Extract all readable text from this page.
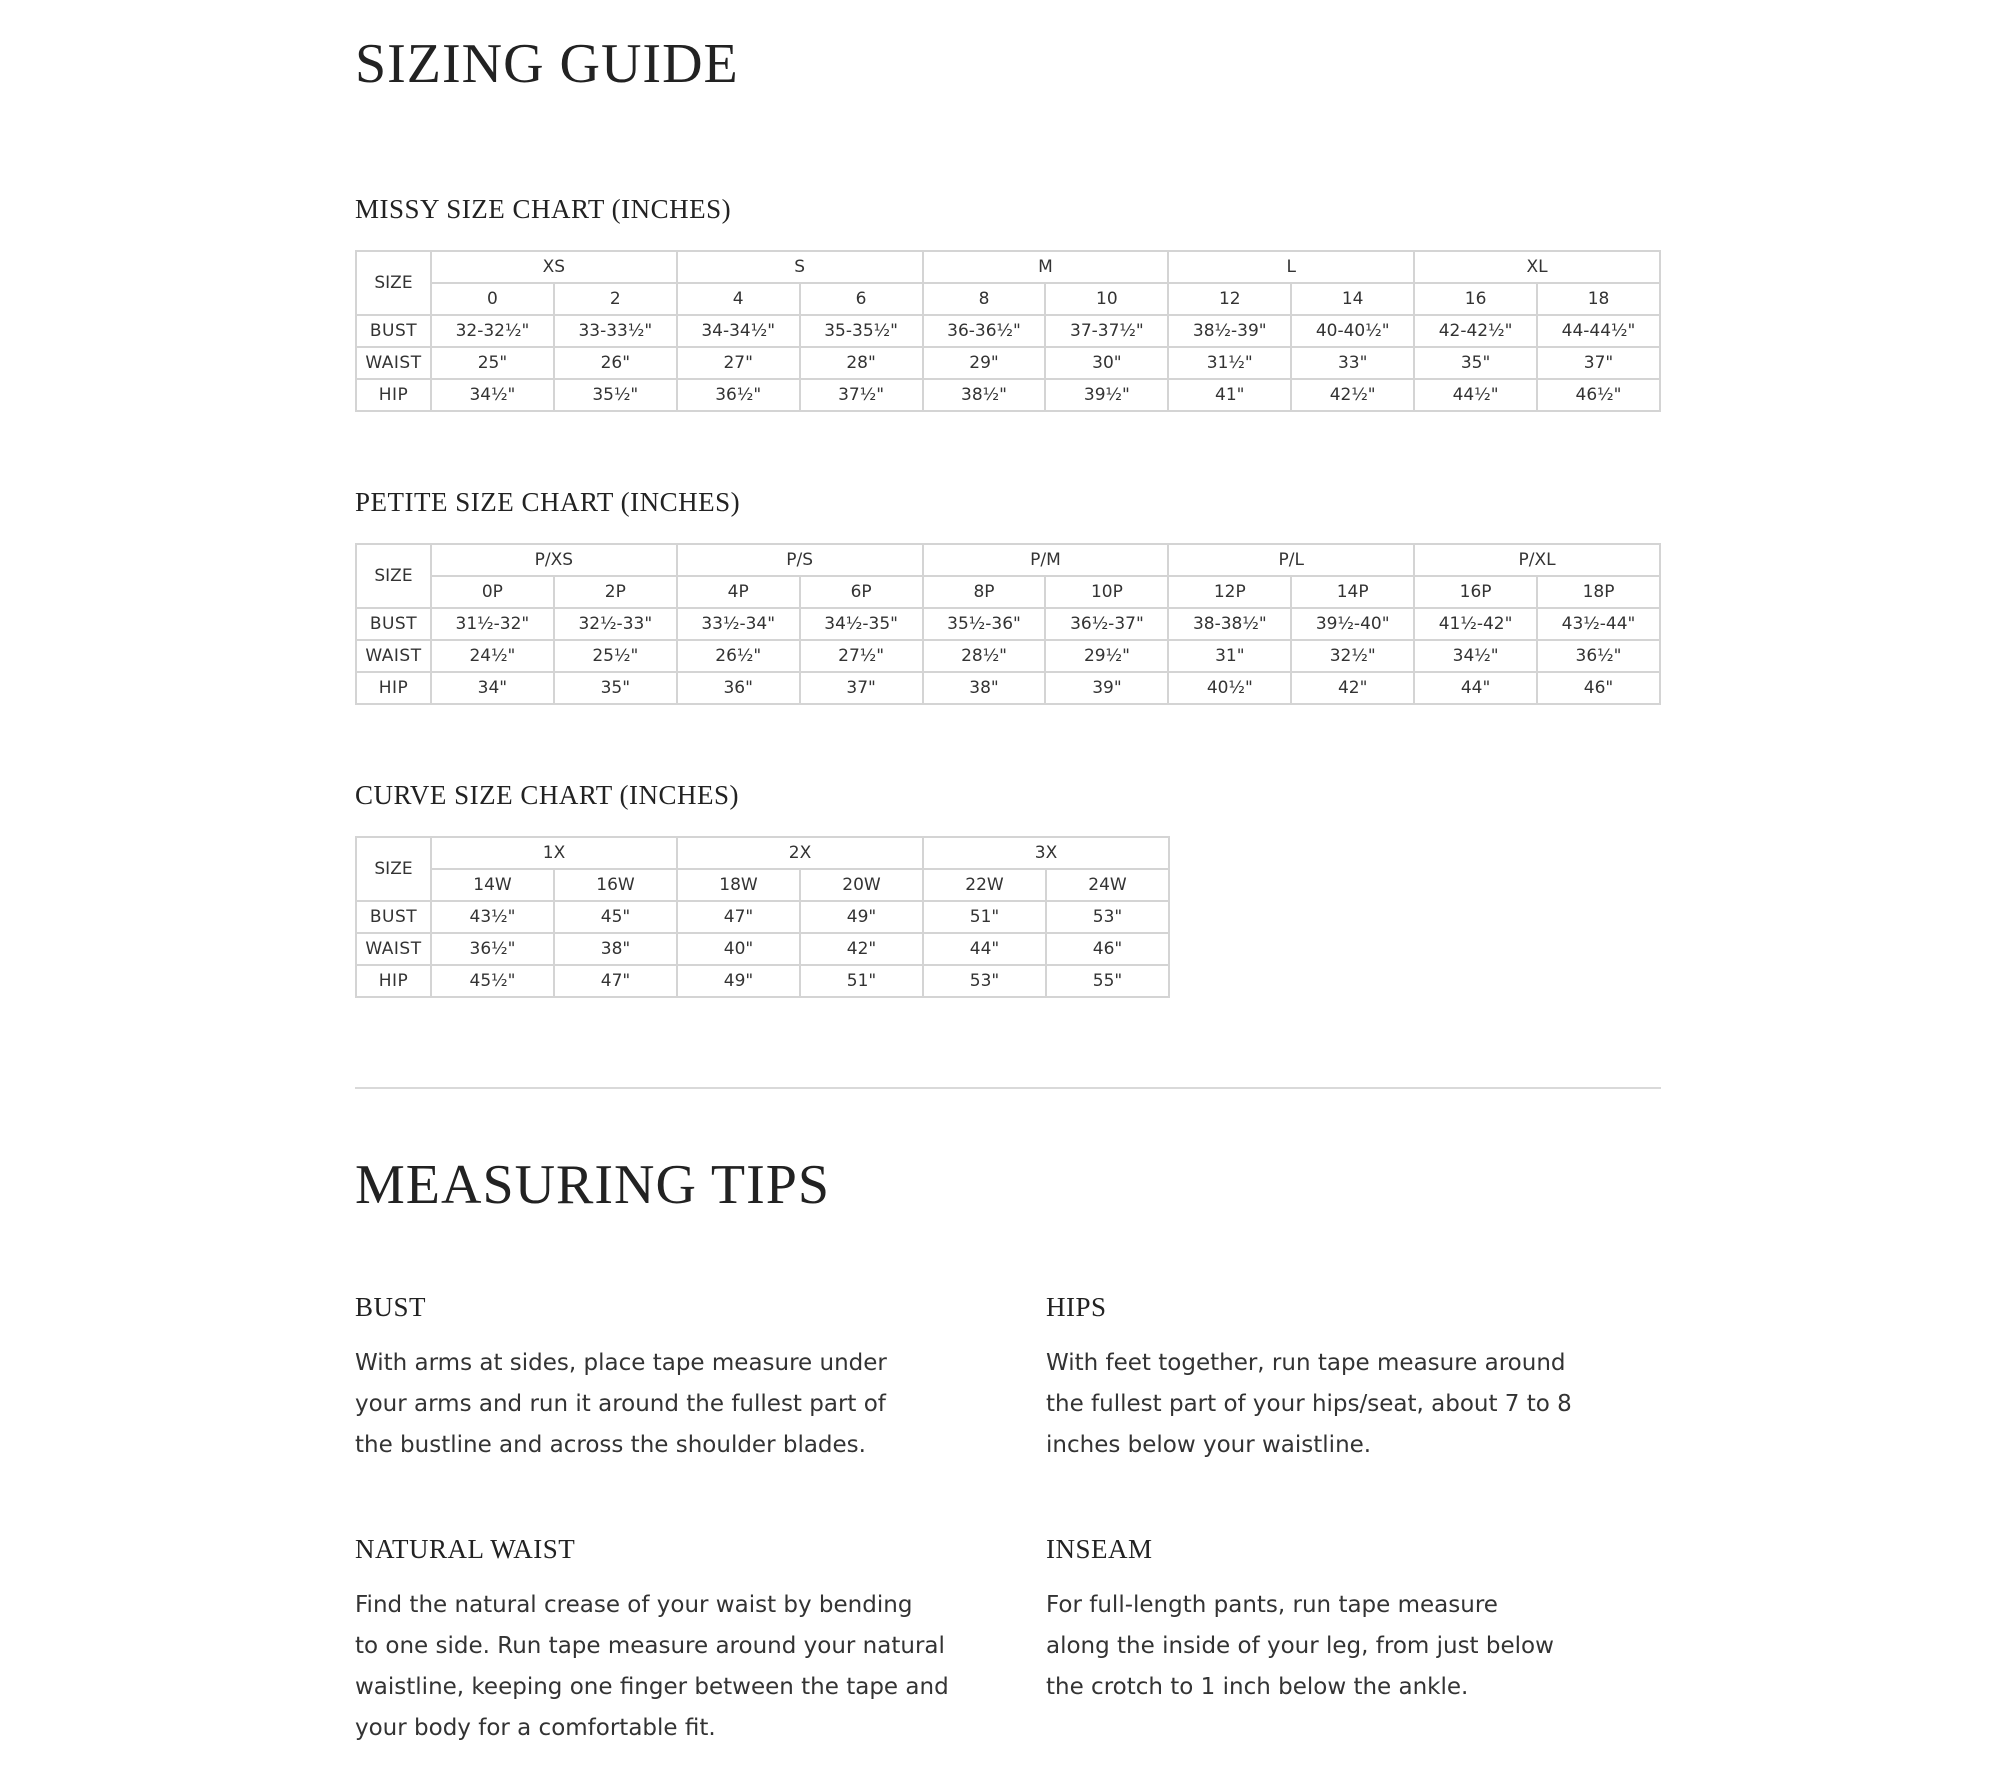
SIZING GUIDE
MISSY SIZE CHART (INCHES)
SIZE	XS		S		M		L		XL	
	0	2	4	6	8	10	12	14	16	18
BUST	32-32½"	33-33½"	34-34½"	35-35½"	36-36½"	37-37½"	38½-39"	40-40½"	42-42½"	44-44½"
WAIST	25"	26"	27"	28"	29"	30"	31½"	33"	35"	37"
HIP	34½"	35½"	36½"	37½"	38½"	39½"	41"	42½"	44½"	46½"
PETITE SIZE CHART (INCHES)
SIZE	P/XS		P/S		P/M		P/L		P/XL	
	0P	2P	4P	6P	8P	10P	12P	14P	16P	18P
BUST	31½-32"	32½-33"	33½-34"	34½-35"	35½-36"	36½-37"	38-38½"	39½-40"	41½-42"	43½-44"
WAIST	24½"	25½"	26½"	27½"	28½"	29½"	31"	32½"	34½"	36½"
HIP	34"	35"	36"	37"	38"	39"	40½"	42"	44"	46"
CURVE SIZE CHART (INCHES)
SIZE	1X		2X		3X	
	14W	16W	18W	20W	22W	24W
BUST	43½"	45"	47"	49"	51"	53"
WAIST	36½"	38"	40"	42"	44"	46"
HIP	45½"	47"	49"	51"	53"	55"
MEASURING TIPS
BUST

With arms at sides, place tape measure under
your arms and run it around the fullest part of
the bustline and across the shoulder blades.

HIPS

With feet together, run tape measure around
the fullest part of your hips/seat, about 7 to 8
inches below your waistline.

NATURAL WAIST

Find the natural crease of your waist by bending
to one side. Run tape measure around your natural
waistline, keeping one finger between the tape and
your body for a comfortable fit.

INSEAM

For full-length pants, run tape measure
along the inside of your leg, from just below
the crotch to 1 inch below the ankle.
